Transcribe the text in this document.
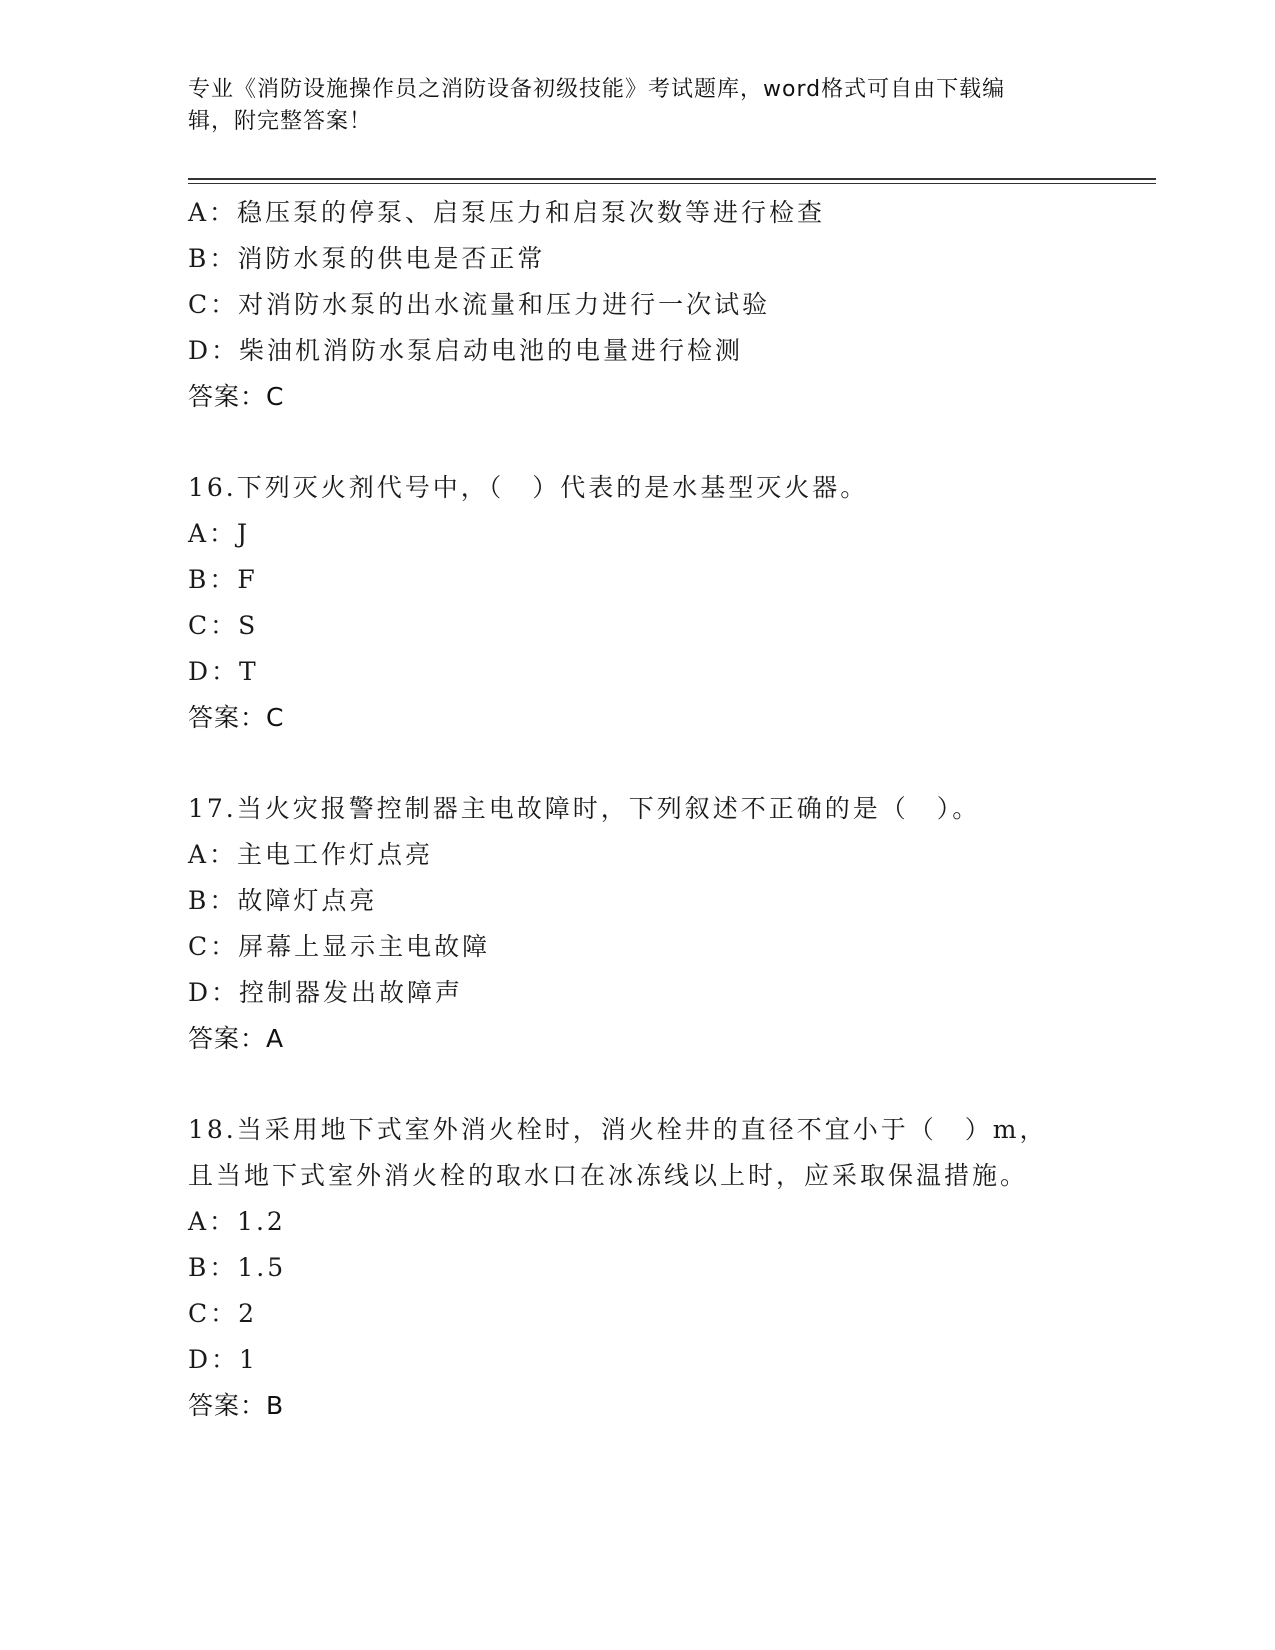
专业《消防设施操作员之消防设备初级技能》考试题库，word格式可自由下载编
辑，附完整答案！
A：稳压泵的停泵、启泵压力和启泵次数等进行检查
B：消防水泵的供电是否正常
C：对消防水泵的出水流量和压力进行一次试验
D：柴油机消防水泵启动电池的电量进行检测
答案：C
16.下列灭火剂代号中，（　）代表的是水基型灭火器。
A：J
B：F
C：S
D：T
答案：C
17.当火灾报警控制器主电故障时，下列叙述不正确的是（　）。
A：主电工作灯点亮
B：故障灯点亮
C：屏幕上显示主电故障
D：控制器发出故障声
答案：A
18.当采用地下式室外消火栓时，消火栓井的直径不宜小于（　）m，
且当地下式室外消火栓的取水口在冰冻线以上时，应采取保温措施。
A：1.2
B：1.5
C：2
D：1
答案：B
